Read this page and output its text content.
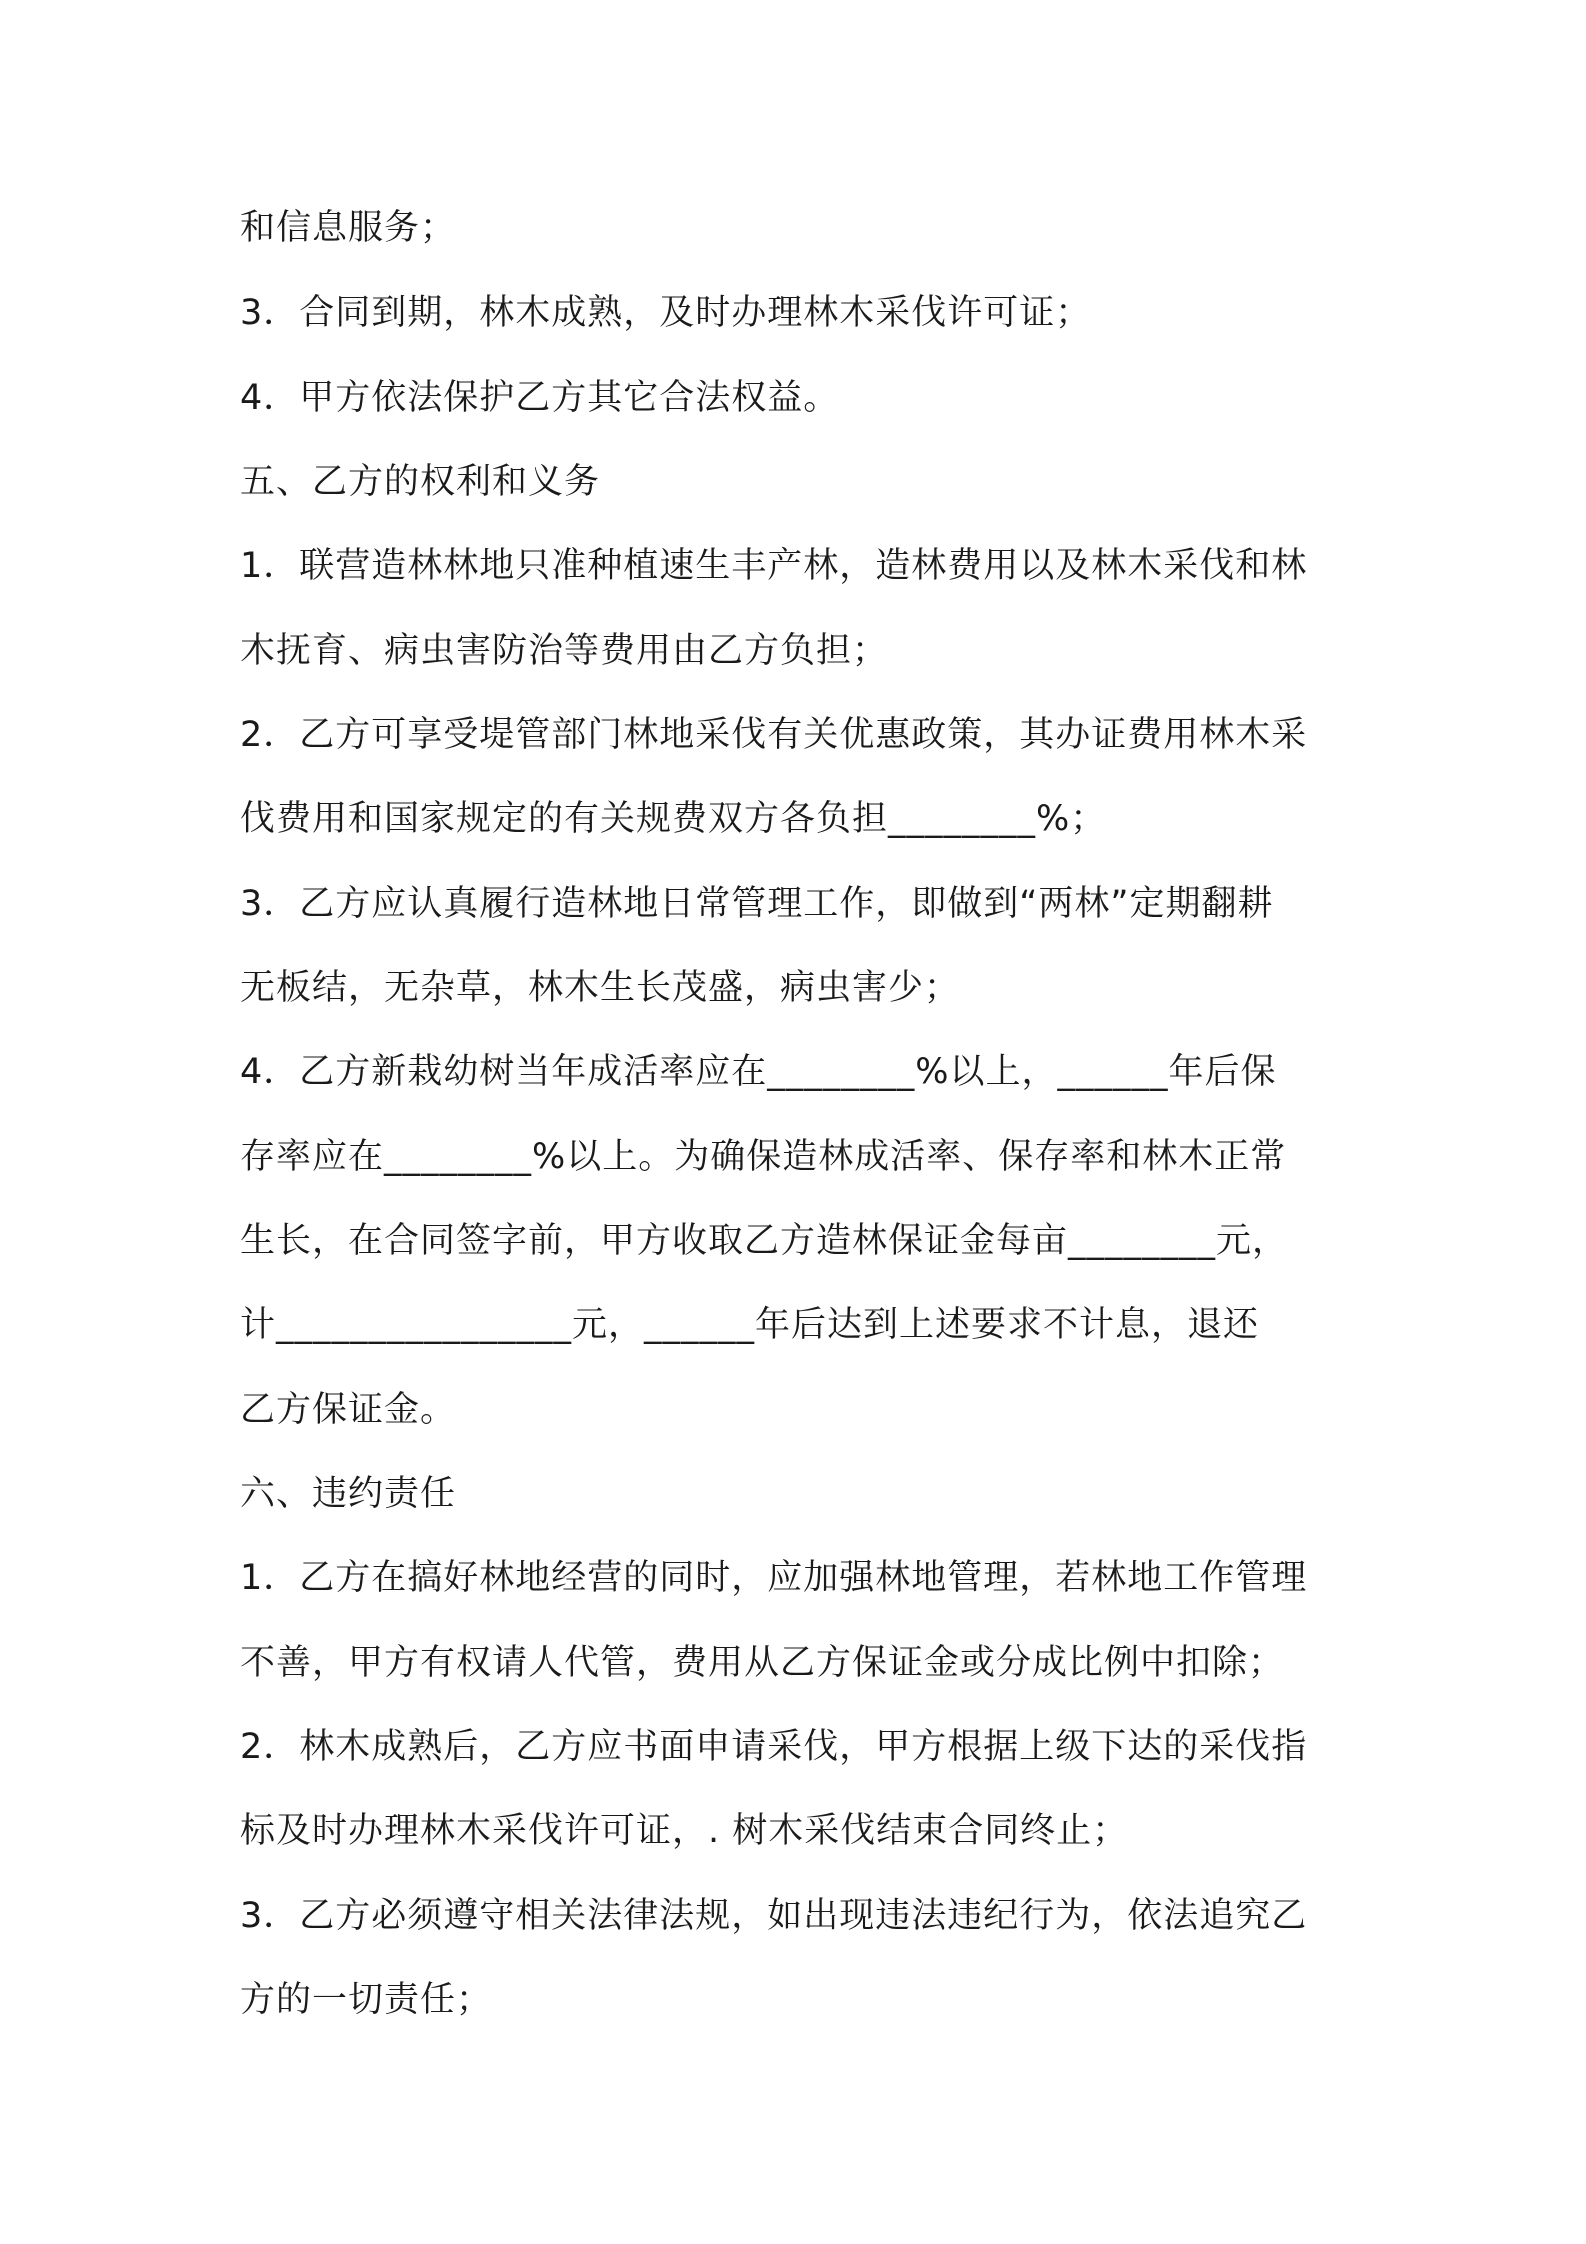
和信息服务；

3．合同到期，林木成熟，及时办理林木采伐许可证；

4．甲方依法保护乙方其它合法权益。

五、乙方的权利和义务

1．联营造林林地只准种植速生丰产林，造林费用以及林木采伐和林

木抚育、病虫害防治等费用由乙方负担；

2．乙方可享受堤管部门林地采伐有关优惠政策，其办证费用林木采

伐费用和国家规定的有关规费双方各负担________%；

3．乙方应认真履行造林地日常管理工作，即做到“两林”定期翻耕

无板结，无杂草，林木生长茂盛，病虫害少；

4．乙方新栽幼树当年成活率应在________%以上，______年后保

存率应在________%以上。为确保造林成活率、保存率和林木正常

生长，在合同签字前，甲方收取乙方造林保证金每亩________元，

计________________元，______年后达到上述要求不计息，退还

乙方保证金。

六、违约责任

1．乙方在搞好林地经营的同时，应加强林地管理，若林地工作管理

不善，甲方有权请人代管，费用从乙方保证金或分成比例中扣除；

2．林木成熟后，乙方应书面申请采伐，甲方根据上级下达的采伐指

标及时办理林木采伐许可证，. 树木采伐结束合同终止；

3．乙方必须遵守相关法律法规，如出现违法违纪行为，依法追究乙

方的一切责任；
